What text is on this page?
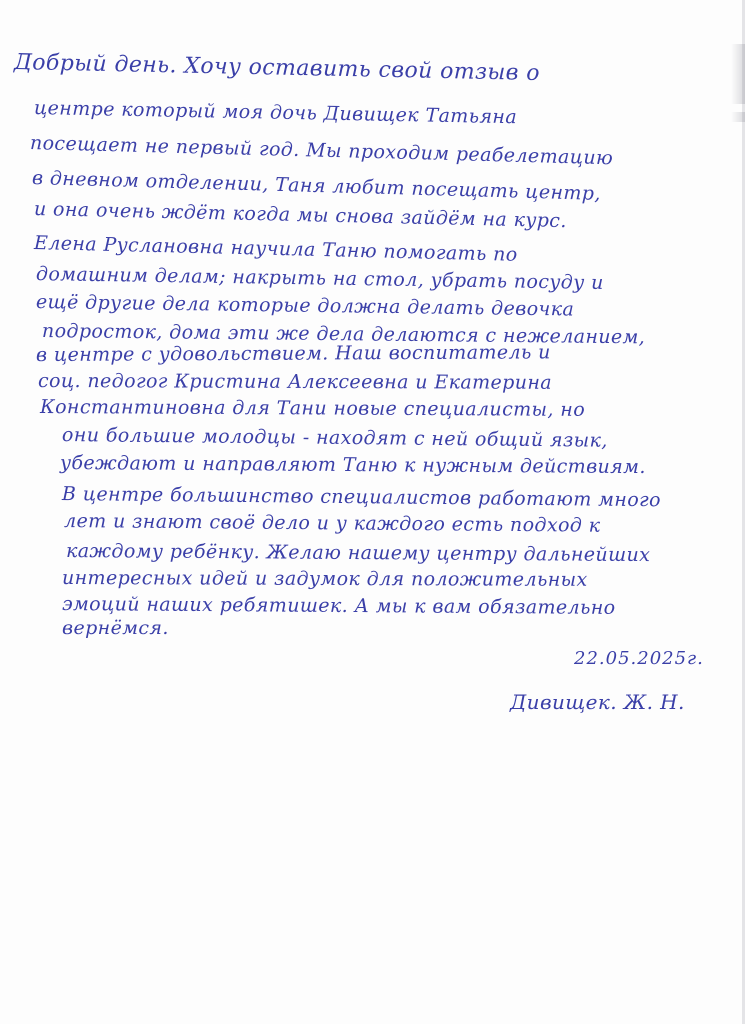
Добрый день. Хочу оставить свой отзыв о
центре который моя дочь Дивищек Татьяна
посещает не первый год. Мы проходим реабелетацию
в дневном отделении, Таня любит посещать центр,
и она очень ждёт когда мы снова зайдём на курс.
Елена Руслановна научила Таню помогать по
домашним делам; накрыть на стол, убрать посуду и
ещё другие дела которые должна делать девочка
подросток, дома эти же дела делаются с нежеланием,
в центре с удовольствием. Наш воспитатель и
соц. педогог Кристина Алексеевна и Екатерина
Константиновна для Тани новые специалисты, но
они большие молодцы - находят с ней общий язык,
убеждают и направляют Таню к нужным действиям.
В центре большинство специалистов работают много
лет и знают своё дело и у каждого есть подход к
каждому ребёнку. Желаю нашему центру дальнейших
интересных идей и задумок для положительных
эмоций наших ребятишек. А мы к вам обязательно
вернёмся.
22.05.2025г.
Дивищек. Ж. Н.
